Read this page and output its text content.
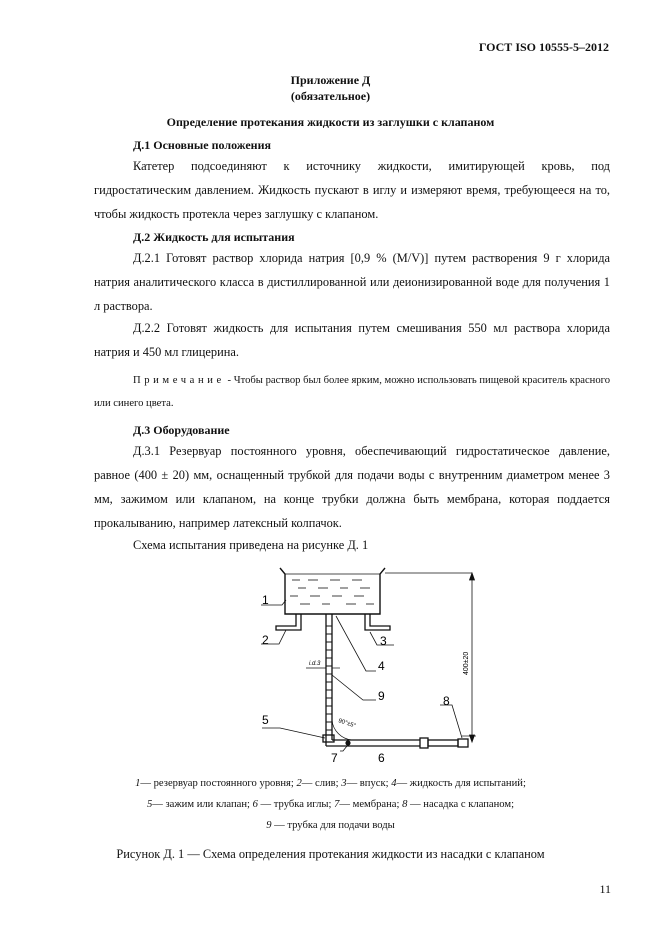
ГОСТ ISO 10555-5–2012
Приложение Д
(обязательное)
Определение протекания жидкости из заглушки с клапаном
Д.1 Основные положения
Катетер подсоединяют к источнику жидкости, имитирующей кровь, под гидростатическим давлением. Жидкость пускают в иглу и измеряют время, требующееся на то, чтобы жидкость протекла через заглушку с клапаном.
Д.2 Жидкость для испытания
Д.2.1 Готовят раствор хлорида натрия [0,9 % (M/V)] путем растворения 9 г хлорида натрия аналитического класса в дистиллированной или деионизированной воде для получения 1 л раствора.
Д.2.2 Готовят жидкость для испытания путем смешивания 550 мл раствора хлорида натрия и 450 мл глицерина.
Примечание - Чтобы раствор был более ярким, можно использовать пищевой краситель красного или синего цвета.
Д.3 Оборудование
Д.3.1 Резервуар постоянного уровня, обеспечивающий гидростатическое давление, равное (400 ± 20) мм, оснащенный трубкой для подачи воды с внутренним диаметром менее 3 мм, зажимом или клапаном, на конце трубки должна быть мембрана, которая поддается прокалыванию, например латексный колпачок.
Схема испытания приведена на рисунке Д. 1
400±20
i.d.3
90°±5°
1
2	3
4
9
5
8
7	6
1— резервуар постоянного уровня; 2— слив; 3— впуск; 4— жидкость для испытаний;
5— зажим или клапан; 6 — трубка иглы; 7— мембрана; 8 — насадка с клапаном;
9 — трубка для подачи воды
Рисунок Д. 1 — Схема определения протекания жидкости из насадки с клапаном
11
